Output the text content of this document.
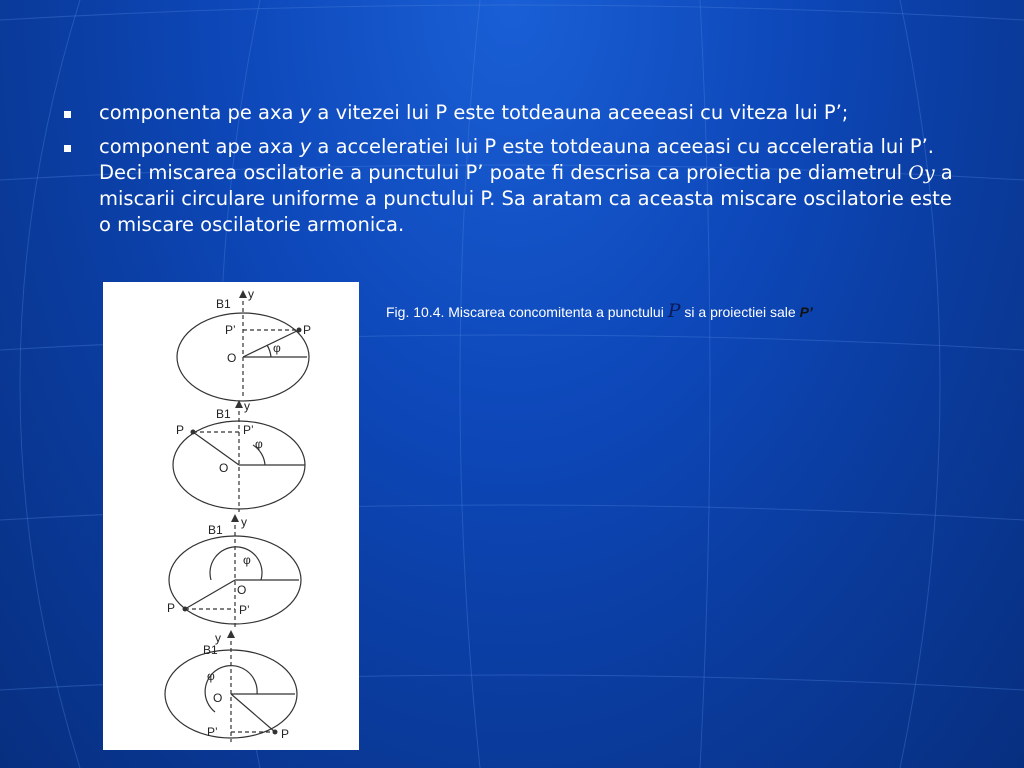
componenta pe axa y a vitezei lui P este totdeauna aceeeasi cu viteza lui P’;
component ape axa y a acceleratiei lui P este totdeauna aceeasi cu acceleratia lui P’. Deci miscarea oscilatorie a punctului P’ poate fi descrisa ca proiectia pe diametrul Oy a miscarii circulare uniforme a punctului P. Sa aratam ca aceasta miscare oscilatorie este o miscare oscilatorie armonica.
B1
y
P’	P
O
φ
B1
y
P	P’
O
φ
B1
y
φ
O
P	P’
B1
y
φ
O
P’	P
Fig. 10.4. Miscarea concomitenta a punctului P si a proiectiei sale P’
